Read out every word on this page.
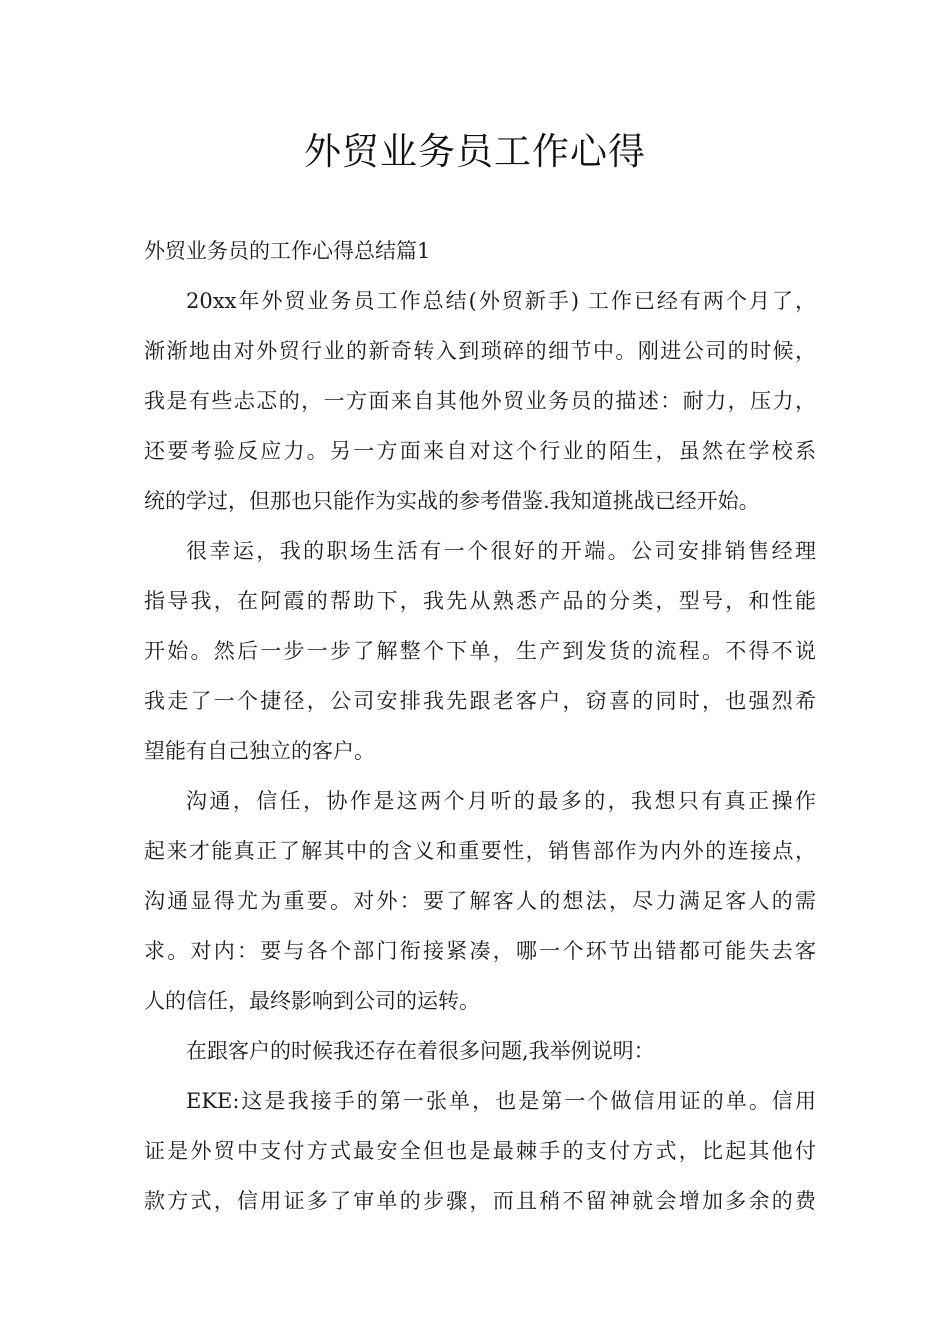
外贸业务员工作心得

外贸业务员的工作心得总结篇1

20xx年外贸业务员工作总结(外贸新手) 工作已经有两个月了，

渐渐地由对外贸行业的新奇转入到琐碎的细节中。刚进公司的时候，

我是有些忐忑的，一方面来自其他外贸业务员的描述：耐力，压力，

还要考验反应力。另一方面来自对这个行业的陌生，虽然在学校系

统的学过，但那也只能作为实战的参考借鉴.我知道挑战已经开始。

很幸运，我的职场生活有一个很好的开端。公司安排销售经理

指导我，在阿霞的帮助下，我先从熟悉产品的分类，型号，和性能

开始。然后一步一步了解整个下单，生产到发货的流程。不得不说

我走了一个捷径，公司安排我先跟老客户，窃喜的同时，也强烈希

望能有自己独立的客户。

沟通，信任，协作是这两个月听的最多的，我想只有真正操作

起来才能真正了解其中的含义和重要性，销售部作为内外的连接点，

沟通显得尤为重要。对外：要了解客人的想法，尽力满足客人的需

求。对内：要与各个部门衔接紧凑，哪一个环节出错都可能失去客

人的信任，最终影响到公司的运转。

在跟客户的时候我还存在着很多问题,我举例说明：

EKE:这是我接手的第一张单，也是第一个做信用证的单。信用

证是外贸中支付方式最安全但也是最棘手的支付方式，比起其他付

款方式，信用证多了审单的步骤，而且稍不留神就会增加多余的费
